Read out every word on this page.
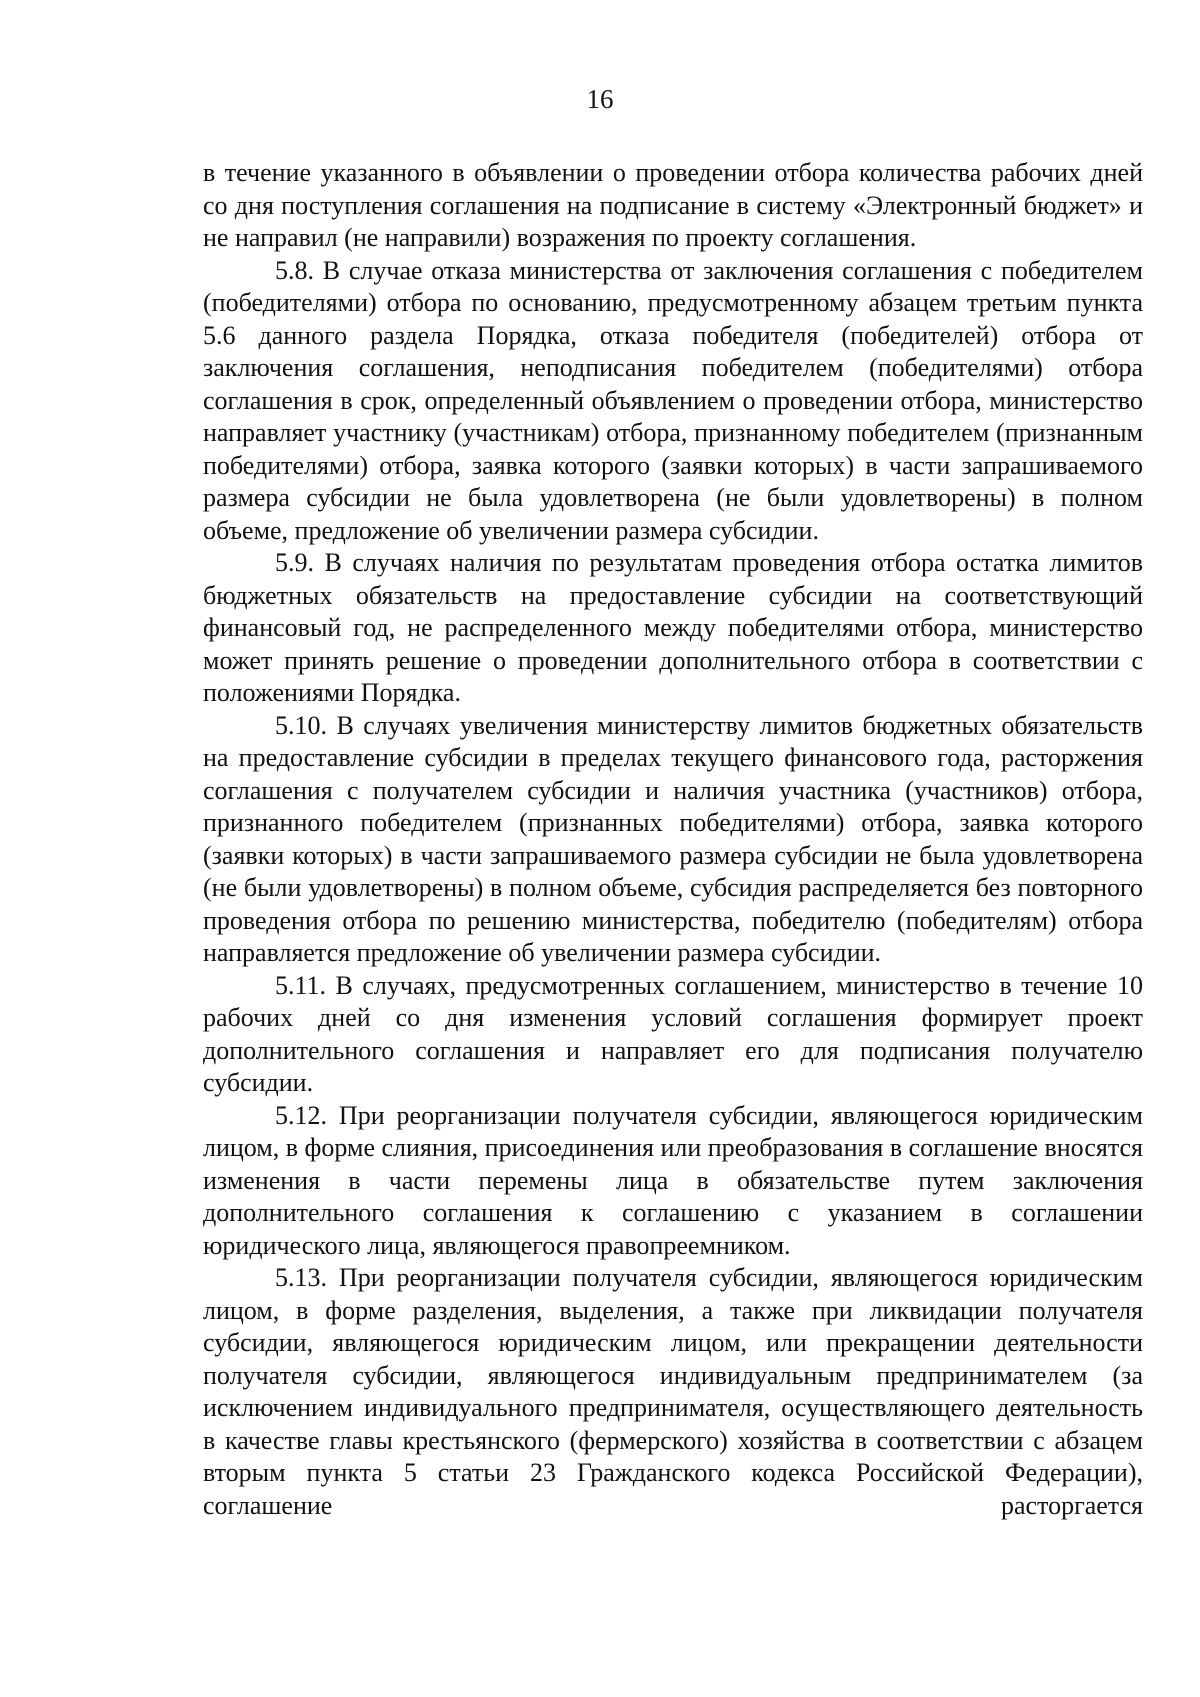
16

в течение указанного в объявлении о проведении отбора количества рабочих дней со дня поступления соглашения на подписание в систему «Электронный бюджет» и не направил (не направили) возражения по проекту соглашения.

5.8. В случае отказа министерства от заключения соглашения с победителем (победителями) отбора по основанию, предусмотренному абзацем третьим пункта 5.6 данного раздела Порядка, отказа победителя (победителей) отбора от заключения соглашения, неподписания победителем (победителями) отбора соглашения в срок, определенный объявлением о проведении отбора, министерство направляет участнику (участникам) отбора, признанному победителем (признанным победителями) отбора, заявка которого (заявки которых) в части запрашиваемого размера субсидии не была удовлетворена (не были удовлетворены) в полном объеме, предложение об увеличении размера субсидии.

5.9. В случаях наличия по результатам проведения отбора остатка лимитов бюджетных обязательств на предоставление субсидии на соответствующий финансовый год, не распределенного между победителями отбора, министерство может принять решение о проведении дополнительного отбора в соответствии с положениями Порядка.

5.10. В случаях увеличения министерству лимитов бюджетных обязательств на предоставление субсидии в пределах текущего финансового года, расторжения соглашения с получателем субсидии и наличия участника (участников) отбора, признанного победителем (признанных победителями) отбора, заявка которого (заявки которых) в части запрашиваемого размера субсидии не была удовлетворена (не были удовлетворены) в полном объеме, субсидия распределяется без повторного проведения отбора по решению министерства, победителю (победителям) отбора направляется предложение об увеличении размера субсидии.

5.11. В случаях, предусмотренных соглашением, министерство в течение 10 рабочих дней со дня изменения условий соглашения формирует проект дополнительного соглашения и направляет его для подписания получателю субсидии.

5.12. При реорганизации получателя субсидии, являющегося юридическим лицом, в форме слияния, присоединения или преобразования в соглашение вносятся изменения в части перемены лица в обязательстве путем заключения дополнительного соглашения к соглашению с указанием в соглашении юридического лица, являющегося правопреемником.

5.13. При реорганизации получателя субсидии, являющегося юридическим лицом, в форме разделения, выделения, а также при ликвидации получателя субсидии, являющегося юридическим лицом, или прекращении деятельности получателя субсидии, являющегося индивидуальным предпринимателем (за исключением индивидуального предпринимателя, осуществляющего деятельность в качестве главы крестьянского (фермерского) хозяйства в соответствии с абзацем вторым пункта 5 статьи 23 Гражданского кодекса Российской Федерации), соглашение расторгается
